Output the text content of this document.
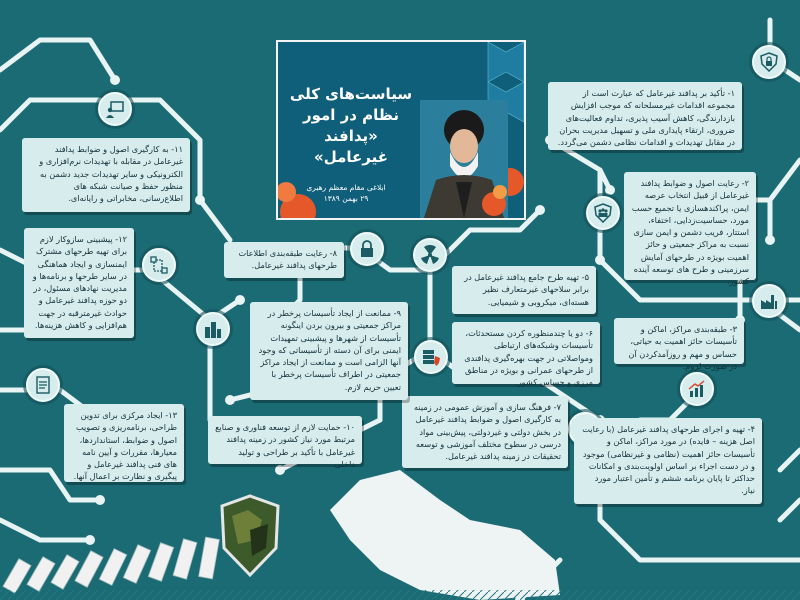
سیاست‌های کلی
نظام در امور
«پدافند غیرعامل»
ابلاغی مقام معظم رهبری
۲۹ بهمن ۱۳۸۹
۱- تأکید بر پدافند غیرعامل که عبارت است از مجموعه اقدامات غیرمسلحانه که موجب افزایش بازدارندگی، کاهش آسیب پذیری، تداوم فعالیت‌های ضروری، ارتقاء پایداری ملی و تسهیل مدیریت بحران در مقابل تهدیدات و اقدامات نظامی دشمن می‌گردد.
۲- رعایت اصول و ضوابط پدافند غیرعامل از قبیل انتخاب عرصه ایمن، پراکندهسازی یا تجمیع حسب مورد، حساسیت‌زدایی، اختفاء، استتار، فریب دشمن و ایمن سازی نسبت به مراکز جمعیتی و حائز اهمیت بویژه در طرحهای آمایش سرزمینی و طرح های توسعه آینده کشور.
۳- طبقه‌بندی مراکز، اماکن و تأسیسات حائز اهمیت به حیاتی، حساس و مهم و روزآمدکردن آن در صورت لزوم.
۴- تهیه و اجرای طرحهای پدافند غیرعامل (با رعایت اصل هزینه – فایده) در مورد مراکز، اماکن و تأسیسات حائز اهمیت (نظامی و غیرنظامی) موجود و در دست اجراء بر اساس اولویت‌بندی و امکانات حداکثر تا پایان برنامه ششم و تأمین اعتبار مورد نیاز.
۵- تهیه طرح جامع پدافند غیرعامل در برابر سلاحهای غیرمتعارف نظیر هسته‌ای، میکروبی و شیمیایی.
۶- دو یا چندمنظوره کردن مستحدثات، تأسیسات وشبکه‌های ارتباطی ومواصلاتی در جهت بهره‌گیری پدافندی از طرحهای عمرانی و بویژه در مناطق مرزی و حساس کشور.
۷- فرهنگ سازی و آموزش عمومی در زمینه به کارگیری اصول و ضوابط پدافند غیرعامل در بخش دولتی و غیردولتی، پیش‌بینی مواد درسی در سطوح مختلف آموزشی و توسعه تحقیقات در زمینه پدافند غیرعامل.
۸- رعایت طبقه‌بندی اطلاعات طرحهای پدافند غیرعامل.
۹- ممانعت از ایجاد تأسیسات پرخطر در مراکز جمعیتی و بیرون بردن اینگونه تأسیسات از شهرها و پیشبینی تمهیدات ایمنی برای آن دسته از تأسیساتی که وجود آنها الزامی است و ممانعت از ایجاد مراکز جمعیتی در اطراف تأسیسات پرخطر با تعیین حریم لازم.
۱۰- حمایت لازم از توسعه فناوری و صنایع مرتبط مورد نیاز کشور در زمینه پدافند غیرعامل با تأکید بر طراحی و تولید داخلی.
۱۱- به کارگیری اصول و ضوابط پدافند غیرعامل در مقابله با تهدیدات نرم‌افزاری و الکترونیکی و سایر تهدیدات جدید دشمن به منظور حفظ و صیانت شبکه های اطلاع‌رسانی، مخابراتی و رایانه‌ای.
۱۲- پیشبینی سازوکار لازم برای تهیه طرحهای مشترک ایمنسازی و ایجاد هماهنگی در سایر طرحها و برنامه‌ها و مدیریت نهادهای مسئول، در دو حوزه پدافند غیرعامل و حوادث غیرمترقبه در جهت هم‌افزایی و کاهش هزینه‌ها.
۱۳- ایجاد مرکزی برای تدوین طراحی، برنامه‌ریزی و تصویب اصول و ضوابط، استانداردها، معیارها، مقررات و آیین نامه های فنی پدافند غیرعامل و پیگیری و نظارت بر اعمال آنها.
